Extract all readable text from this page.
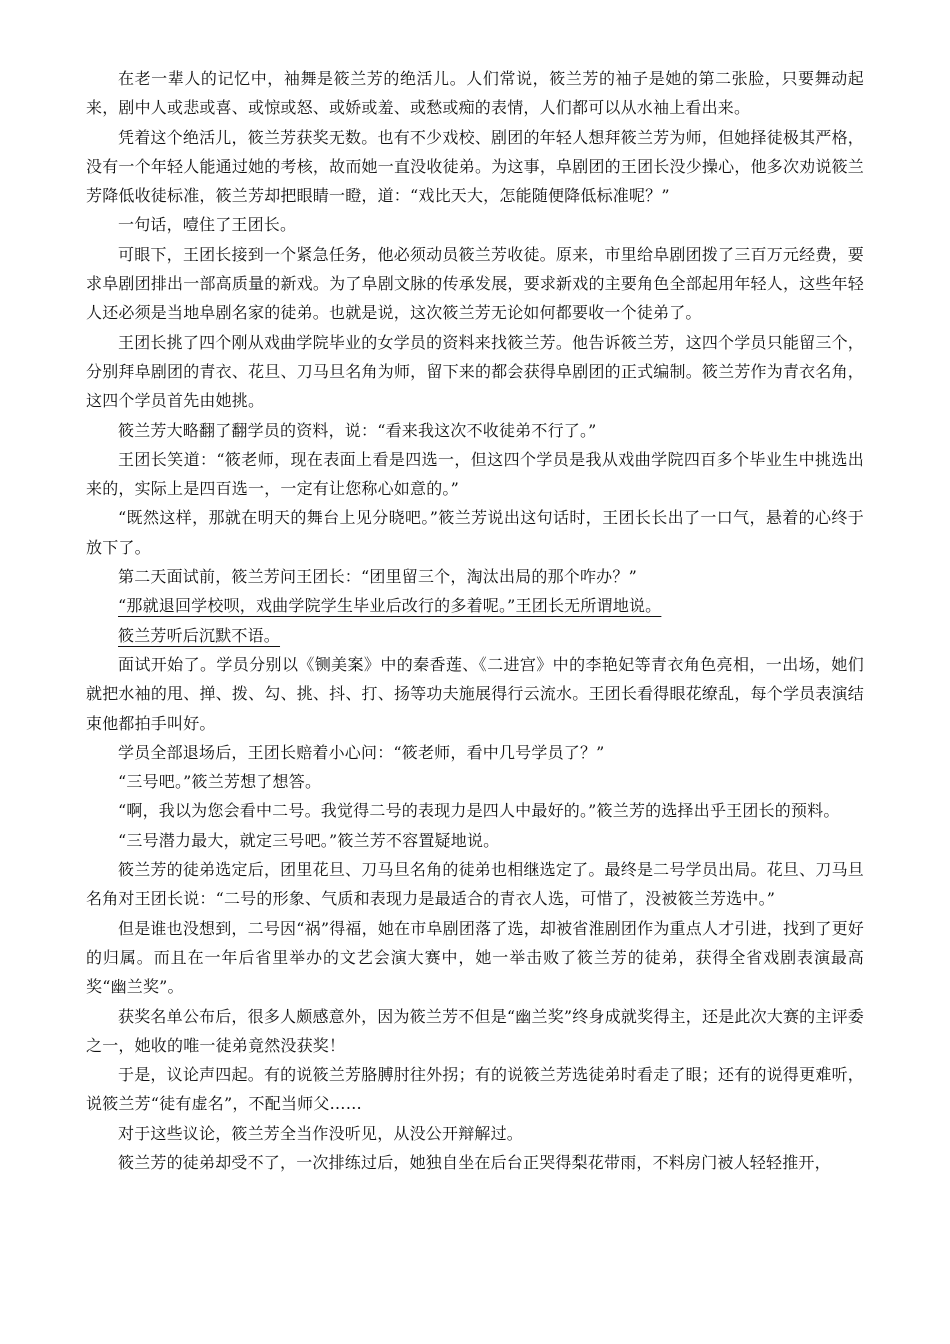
在老一辈人的记忆中，袖舞是筱兰芳的绝活儿。人们常说，筱兰芳的袖子是她的第二张脸，只要舞动起来，剧中人或悲或喜、或惊或怒、或娇或羞、或愁或痴的表情，人们都可以从水袖上看出来。

凭着这个绝活儿，筱兰芳获奖无数。也有不少戏校、剧团的年轻人想拜筱兰芳为师，但她择徒极其严格，没有一个年轻人能通过她的考核，故而她一直没收徒弟。为这事，阜剧团的王团长没少操心，他多次劝说筱兰芳降低收徒标准，筱兰芳却把眼睛一瞪，道：“戏比天大，怎能随便降低标准呢？”

一句话，噎住了王团长。

可眼下，王团长接到一个紧急任务，他必须动员筱兰芳收徒。原来，市里给阜剧团拨了三百万元经费，要求阜剧团排出一部高质量的新戏。为了阜剧文脉的传承发展，要求新戏的主要角色全部起用年轻人，这些年轻人还必须是当地阜剧名家的徒弟。也就是说，这次筱兰芳无论如何都要收一个徒弟了。

王团长挑了四个刚从戏曲学院毕业的女学员的资料来找筱兰芳。他告诉筱兰芳，这四个学员只能留三个，分别拜阜剧团的青衣、花旦、刀马旦名角为师，留下来的都会获得阜剧团的正式编制。筱兰芳作为青衣名角，这四个学员首先由她挑。

筱兰芳大略翻了翻学员的资料，说：“看来我这次不收徒弟不行了。”

王团长笑道：“筱老师，现在表面上看是四选一，但这四个学员是我从戏曲学院四百多个毕业生中挑选出来的，实际上是四百选一，一定有让您称心如意的。”

“既然这样，那就在明天的舞台上见分晓吧。”筱兰芳说出这句话时，王团长长出了一口气，悬着的心终于放下了。

第二天面试前，筱兰芳问王团长：“团里留三个，淘汰出局的那个咋办？”

“那就退回学校呗，戏曲学院学生毕业后改行的多着呢。”王团长无所谓地说。

筱兰芳听后沉默不语。

面试开始了。学员分别以《铡美案》中的秦香莲、《二进宫》中的李艳妃等青衣角色亮相，一出场，她们就把水袖的甩、掸、拨、勾、挑、抖、打、扬等功夫施展得行云流水。王团长看得眼花缭乱，每个学员表演结束他都拍手叫好。

学员全部退场后，王团长赔着小心问：“筱老师，看中几号学员了？”

“三号吧。”筱兰芳想了想答。

“啊，我以为您会看中二号。我觉得二号的表现力是四人中最好的。”筱兰芳的选择出乎王团长的预料。

“三号潜力最大，就定三号吧。”筱兰芳不容置疑地说。

筱兰芳的徒弟选定后，团里花旦、刀马旦名角的徒弟也相继选定了。最终是二号学员出局。花旦、刀马旦名角对王团长说：“二号的形象、气质和表现力是最适合的青衣人选，可惜了，没被筱兰芳选中。”

但是谁也没想到，二号因“祸”得福，她在市阜剧团落了选，却被省淮剧团作为重点人才引进，找到了更好的归属。而且在一年后省里举办的文艺会演大赛中，她一举击败了筱兰芳的徒弟，获得全省戏剧表演最高奖“幽兰奖”。

获奖名单公布后，很多人颇感意外，因为筱兰芳不但是“幽兰奖”终身成就奖得主，还是此次大赛的主评委之一，她收的唯一徒弟竟然没获奖！

于是，议论声四起。有的说筱兰芳胳膊肘往外拐；有的说筱兰芳选徒弟时看走了眼；还有的说得更难听，说筱兰芳“徒有虚名”，不配当师父……

对于这些议论，筱兰芳全当作没听见，从没公开辩解过。

筱兰芳的徒弟却受不了，一次排练过后，她独自坐在后台正哭得梨花带雨，不料房门被人轻轻推开，
